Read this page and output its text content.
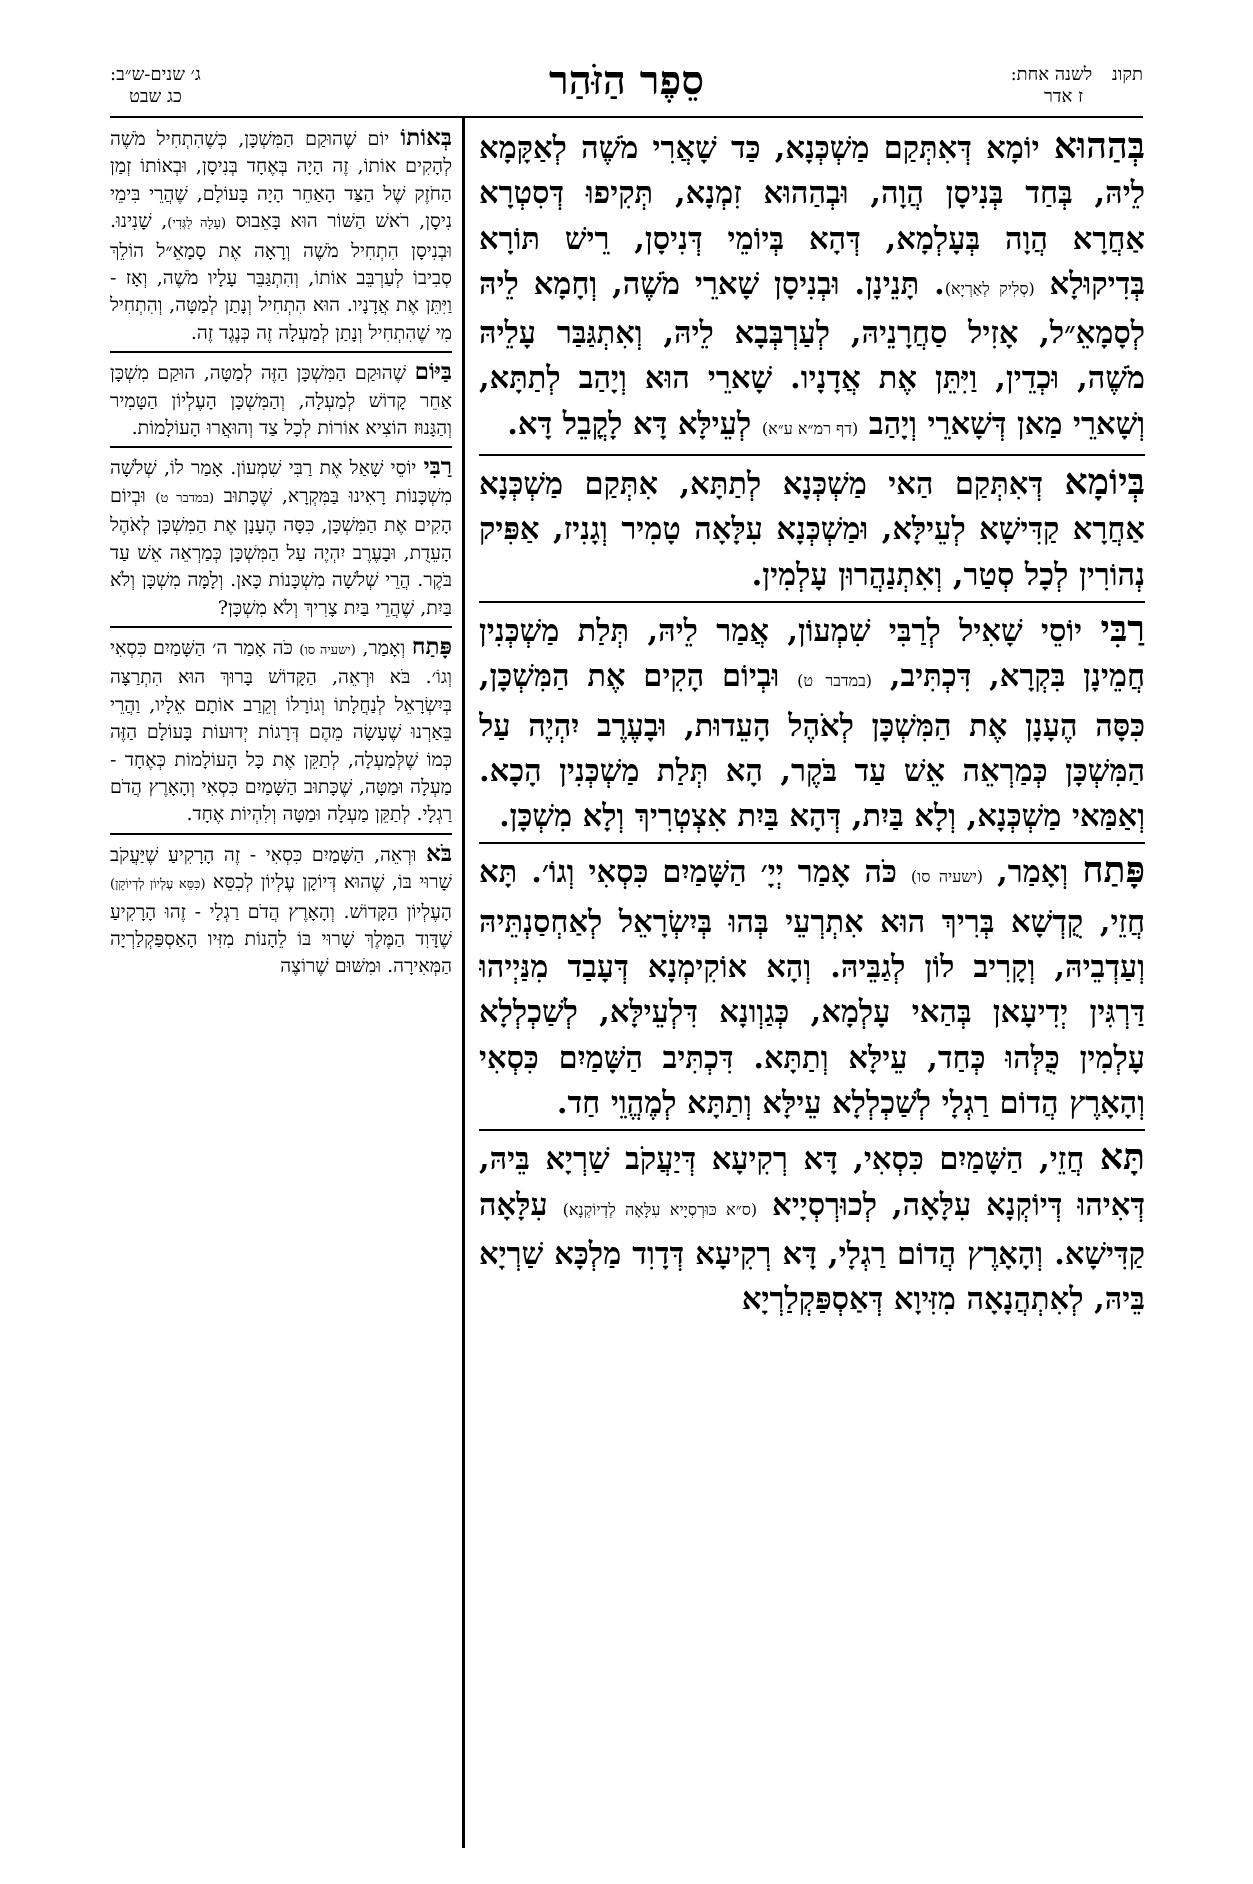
תקונ לשנה אחת:
ז אדר
סֵפֶר הַזֹּהַר
ג׳ שנים-ש״ב:
כג שבט

בְּהַהוּא יוֹמָא דְּאִתְּקַם מַשְׁכְּנָא, כַּד שָׁאֲרִי מֹשֶׁה לְאַקָּמָא לֵיהּ, בְּחַד בְּנִיסָן הֲוָה, וּבְהַהוּא זִמְנָא, תְּקִיפוּ דְּסִטְרָא אַחֲרָא הֲוָה בְּעָלְמָא, דְּהָא בְּיוֹמֵי דְּנִיסָן, רֵישׁ תּוֹרָא בְּדִיקוּלָא (סְלִיק לְאַרְיָא). תָּנֵינָן. וּבְנִיסָן שָׁארֵי מֹשֶׁה, וְחָמָא לֵיהּ לְסָמָאֵ״ל, אָזִיל סַחֲרָנֵיהּ, לְעַרְבְּבָא לֵיהּ, וְאִתְגַּבַּר עָלֵיהּ מֹשֶׁה, וּכְדֵין, וַיִּתֵּן אֶת אֲדָנָיו. שָׁארֵי הוּא וְיָהַב לְתַתָּא, וְשָׁארֵי מַאן דְּשָׁארֵי וְיָהַב (דף רמ״א ע״א) לְעֵילָּא דָּא לָקֳבֵל דָּא.

בְּיוֹמָא דְּאִתְּקַם הַאי מַשְׁכְּנָא לְתַתָּא, אִתְּקַם מַשְׁכְּנָא אַחֲרָא קַדִּישָׁא לְעֵילָּא, וּמַשְׁכְּנָא עִלָּאָה טָמִיר וְגָנִיז, אַפִּיק נְהוֹרִין לְכָל סְטַר, וְאִתְנַהֲרוּן עָלְמִין.

רַבִּי יוֹסֵי שָׁאִיל לְרַבִּי שִׁמְעוֹן, אֲמַר לֵיהּ, תְּלַת מַשְׁכְּנִין חֲמֵינָן בִּקְרָא, דִּכְתִּיב, (במדבר ט) וּבְיוֹם הָקִים אֶת הַמִּשְׁכָּן, כִּסָּה הֶעָנָן אֶת הַמִּשְׁכָּן לְאֹהֶל הָעֵדוּת, וּבָעֶרֶב יִהְיֶה עַל הַמִּשְׁכָּן כְּמַרְאֵה אֵשׁ עַד בֹּקֶר, הָא תְּלַת מַשְׁכְּנִין הָכָא. וְאַמַּאי מַשְׁכְּנָא, וְלָא בַּיִת, דְּהָא בַּיִת אִצְטְרִיךְ וְלָא מִשְׁכָּן.

פָּתַח וְאָמַר, (ישעיה סו) כֹּה אָמַר יְיָ׳ הַשָּׁמַיִם כִּסְאִי וְגוֹ׳. תָּא חֲזֵי, קֻדְשָׁא בְּרִיךְ הוּא אִתְרְעֵי בְּהוּ בְּיִשְׂרָאֵל לְאַחְסַנְתֵּיהּ וְעַדְבֵיהּ, וְקָרִיב לוֹן לְגַבֵּיהּ. וְהָא אוֹקִימְנָא דְּעָבַד מִנַּיְיהוּ דַּרְגִּין יְדִיעָאן בְּהַאי עָלְמָא, כְּגַוְונָא דִּלְעֵילָּא, לְשַׁכְלְלָא עָלְמִין כֻּלְּהוּ כְּחַד, עֵילָּא וְתַתָּא. דִּכְתִּיב הַשָּׁמַיִם כִּסְאִי וְהָאָרֶץ הֲדוֹם רַגְלָי לְשַׁכְלְלָא עֵילָּא וְתַתָּא לְמֶהֱוֵי חַד.

תָּא חֲזֵי, הַשָּׁמַיִם כִּסְאִי, דָּא רְקִיעָא דְּיַעֲקֹב שַׁרְיָא בֵּיהּ, דְּאִיהוּ דְּיוֹקְנָא עִלָּאָה, לְכוּרְסְיָיא (ס״א כּוּרְסְיָיא עִלָּאָה לְדְיוֹקְנָא) עִלָּאָה קַדִּישָׁא. וְהָאָרֶץ הֲדוֹם רַגְלָי, דָּא רְקִיעָא דְּדָוִד מַלְכָּא שַׁרְיָא בֵּיהּ, לְאִתְהֲנָאָה מִזִּיוָא דְּאַסְפַּקְלַרְיָא

בְּאוֹתוֹ יוֹם שֶׁהוּקַם הַמִּשְׁכָּן, כְּשֶׁהִתְחִיל מֹשֶׁה לְהָקִים אוֹתוֹ, זֶה הָיָה בְּאֶחָד בְּנִיסָן, וּבְאוֹתוֹ זְמַן הַחֹזֶק שֶׁל הַצַּד הָאַחֵר הָיָה בָּעוֹלָם, שֶׁהֲרֵי בִּימֵי נִיסָן, רֹאשׁ הַשּׁוֹר הוּא בָּאֵבוּס (עָלָה לַגְּדִי), שָׁנִינוּ. וּבְנִיסָן הִתְחִיל מֹשֶׁה וְרָאָה אֶת סָמָאֵ״ל הוֹלֵךְ סְבִיבוֹ לְעַרְבֵּב אוֹתוֹ, וְהִתְגַּבֵּר עָלָיו מֹשֶׁה, וְאָז - וַיִּתֵּן אֶת אֲדָנָיו. הוּא הִתְחִיל וְנָתַן לְמַטָּה, וְהִתְחִיל מִי שֶׁהִתְחִיל וְנָתַן לְמַעְלָה זֶה כְּנֶגֶד זֶה.

בַּיּוֹם שֶׁהוּקַם הַמִּשְׁכָּן הַזֶּה לְמַטָּה, הוּקַם מִשְׁכָּן אַחֵר קָדוֹשׁ לְמַעְלָה, וְהַמִּשְׁכָּן הָעֶלְיוֹן הַטָּמִיר וְהַגָּנוּז הוֹצִיא אוֹרוֹת לְכָל צַד וְהוּאֲרוּ הָעוֹלָמוֹת.

רַבִּי יוֹסֵי שָׁאַל אֶת רַבִּי שִׁמְעוֹן. אָמַר לוֹ, שְׁלֹשָׁה מִשְׁכָּנוֹת רָאִינוּ בַּמִּקְרָא, שֶׁכָּתוּב (במדבר ט) וּבְיוֹם הָקִים אֶת הַמִּשְׁכָּן, כִּסָּה הֶעָנָן אֶת הַמִּשְׁכָּן לְאֹהֶל הָעֵדֻת, וּבָעֶרֶב יִהְיֶה עַל הַמִּשְׁכָּן כְּמַרְאֵה אֵשׁ עַד בֹּקֶר. הֲרֵי שְׁלֹשָׁה מִשְׁכָּנוֹת כָּאן. וְלָמָּה מִשְׁכָּן וְלֹא בַּיִת, שֶׁהֲרֵי בַּיִת צָרִיךְ וְלֹא מִשְׁכָּן?

פָּתַח וְאָמַר, (ישעיה סו) כֹּה אָמַר ה׳ הַשָּׁמַיִם כִּסְאִי וְגוֹ׳. בֹּא וּרְאֵה, הַקָּדוֹשׁ בָּרוּךְ הוּא הִתְרַצָּה בְּיִשְׂרָאֵל לְנַחֲלָתוֹ וְגוֹרָלוֹ וְקֵרַב אוֹתָם אֵלָיו, וַהֲרֵי בֵּאַרְנוּ שֶׁעָשָׂה מֵהֶם דְּרָגוֹת יְדוּעוֹת בָּעוֹלָם הַזֶּה כְּמוֹ שֶׁלְּמַעְלָה, לְתַקֵּן אֶת כָּל הָעוֹלָמוֹת כְּאֶחָד - מַעְלָה וּמַטָּה, שֶׁכָּתוּב הַשָּׁמַיִם כִּסְאִי וְהָאָרֶץ הֲדֹם רַגְלָי. לְתַקֵּן מַעְלָה וּמַטָּה וְלִהְיוֹת אֶחָד.

בֹּא וּרְאֵה, הַשָּׁמַיִם כִּסְאִי - זֶה הָרָקִיעַ שֶׁיַּעֲקֹב שָׁרוּי בּוֹ, שֶׁהוּא דְּיוֹקָן עֶלְיוֹן לְכִסֵּא (כִּסֵּא עֶלְיוֹן לְדְיוֹקָן) הָעֶלְיוֹן הַקָּדוֹשׁ. וְהָאָרֶץ הֲדֹם רַגְלָי - זֶהוּ הָרָקִיעַ שֶׁדָּוִד הַמֶּלֶךְ שָׁרוּי בּוֹ לֵהָנוֹת מִזִּיו הָאַסְפַּקְלַרְיָה הַמְּאִירָה. וּמִשּׁוּם שֶׁרוֹצֶה
